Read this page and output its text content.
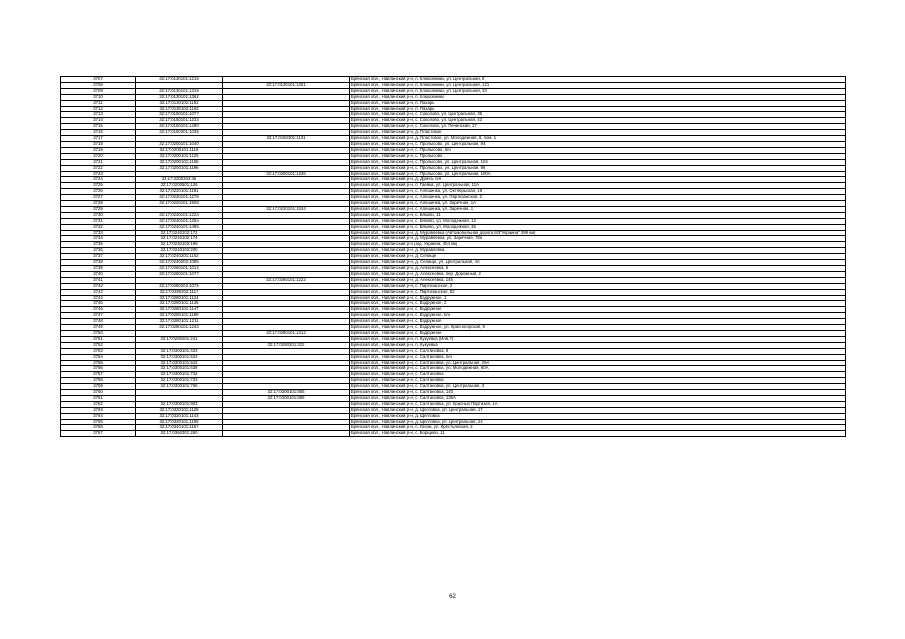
3707	32:17:0130101:1215		Брянская обл., Навлинский р-н, п. Клюковники, ул. Центральная, 8
3708		32:17:0130101:1301	Брянская обл., Навлинский р-н, п. Клюковники, ул. Центральная, 121
3709	32:17:0130101:1319		Брянская обл., Навлинский р-н, п. Клюковники, ул. Центральная, 10
3710	32:17:0130101:1362		Брянская обл., Навлинский р-н, п. Клюковники
3711	32:17:0130102:1192		Брянская обл., Навлинский р-н, п. Пахарь
3712	32:17:0130102:1193		Брянская обл., Навлинский р-н, п. Пахарь
3713	32:17:0150101:1077		Брянская обл., Навлинский р-н, с. Соколово, ул. Центральная, 35
3714	32:17:0150101:1233		Брянская обл., Навлинский р-н, с. Соколово, ул. Центральная, 43
3715	32:17:0150101:1280		Брянская обл., Навлинский р-н, с. Соколово, ул. Печинская, 17
3716	32:17:0150301:1035		Брянская обл., Навлинский р-н, д. Пластовое
3717		32:17:0150301:1131	Брянская обл., Навлинский р-н, д. Пластовое, ул. Молодежная, 8, пом. 1
3718	32:17:0200101:1040		Брянская обл., Навлинский р-н, с. Пролысово, ул. Центральная, 94
3719	32:17:0200101:1115		Брянская обл., Навлинский р-н, с. Пролысово, б/н
3720	32:17:0200101:1125		Брянская обл., Навлинский р-н, с. Пролысово
3721	32:17:0200101:1165		Брянская обл., Навлинский р-н, с. Пролысово, ул. Центральная, 104
3722	32:17:0200101:1196		Брянская обл., Навлинский р-н, с. Пролысово, ул. Центральная, 96
3723		32:17:0200101:1236	Брянская обл., Навлинский р-н, с. Пролысово, ул. Центральная, 100А
3724	32:17:0200302:46		Брянская обл., Навлинский р-н, д. Думча, б/н
3725	32:17:0200501:126		Брянская обл., Навлинский р-н, п. Гаевка, ул. Центральная, 11А
3726	32:17:0220101:1181		Брянская обл., Навлинский р-н, с. Алешинка, ул. Октябрьская, 18
3727	32:17:0220101:1278		Брянская обл., Навлинский р-н, с. Алешинка, ул. Партизанская, 2
3728	32:17:0220101:1508		Брянская обл., Навлинский р-н, с. Алешинка, ул. Заречная, 1А
3729		32:17:0220101:1534	Брянская обл., Навлинский р-н, с. Алешинка, ул. Заречная, 1
3730	32:17:0240101:1223		Брянская обл., Навлинский р-н, с. Бяково, 11
3731	32:17:0240101:1254		Брянская обл., Навлинский р-н, с. Бяково, ул. Молодежная, 13
3732	32:17:0240101:1465		Брянская обл., Навлинский р-н, с. Бяково, ул. Молодежная, 36
3733	32:17:0240102:172		Брянская обл., Навлинский р-н, д. Муравлевка (Автомобильная дорога М3"Украина" 399 км)
3734	32:17:0240102:174		Брянская обл., Навлинский р-н, д. Муравлевка, ул. Заречная, 78а
3735	32:17:0240102:199		Брянская обл., Навлинский р-н (а/д. Украина, 404 км)
3736	32:17:0240102:200		Брянская обл., Навлинский р-н, д. Муравлевка
3737	32:17:0240201:1162		Брянская обл., Навлинский р-н, д. Селище
3738	32:17:0240202:1086		Брянская обл., Навлинский р-н, д. Селище, ул. Центральная, 4А
3739	32:17:0260101:1012		Брянская обл., Навлинский р-н, д. Алексеевка, 6
3740	32:17:0260101:1077		Брянская обл., Навлинский р-н, д. Алексеевка, пер. Дорожный, 2
3741		32:17:0260101:1222	Брянская обл., Навлинский р-н, д. Алексеевка, 146
3742	32:17:0280202:1075		Брянская обл., Навлинский р-н, с. Партизанское, 2
3743	32:17:0280202:1117		Брянская обл., Навлинский р-н, с. Партизанское, 82
3744	32:17:0280101:1124		Брянская обл., Навлинский р-н, с. Вздружное, 1
3745	32:17:0280101:1146		Брянская обл., Навлинский р-н, с. Вздружное, 2
3746	32:17:0280101:1147		Брянская обл., Навлинский р-н, с. Вздружное
3747	32:17:0280101:1189		Брянская обл., Навлинский р-н, с. Вздружное, б/н
3748	32:17:0280101:1211		Брянская обл., Навлинский р-н, с. Вздружное
3749	32:17:0280101:1243		Брянская обл., Навлинский р-н, с. Вздружное, ул. Красногорская, 9
3750		32:17:0280101:1312	Брянская обл., Навлинский р-н, с. Вздружное
3751	32:17:0280201:241		Брянская обл., Навлинский р-н, п. Кукуевка (Инв.7)
3752		32:17:0280201:322	Брянская обл., Навлинский р-н, п. Кукуевка
3753	32:17:0300101:433		Брянская обл., Навлинский р-н, с. Салтановка, 8
3754	32:17:0300101:533		Брянская обл., Навлинский р-н, с. Салтановка, б/н
3755	32:17:0300101:542		Брянская обл., Навлинский р-н, с. Салтановка, ул. Центральная, 29А
3756	32:17:0300101:638		Брянская обл., Навлинский р-н, с. Салтановка, ул. Молодежная, 60А
3757	32:17:0300101:732		Брянская обл., Навлинский р-н, с. Салтановка
3758	32:17:0300101:733		Брянская обл., Навлинский р-н, с. Салтановка
3759	32:17:0300101:766		Брянская обл., Навлинский р-н, с. Салтановка, ул. Центральная, 3
3760		32:17:0300101:855	Брянская обл., Навлинский р-н, с. Салтановка, 140
3761		32:17:0300101:856	Брянская обл., Навлинский р-н, с. Салтановка, 136А
3762	32:17:0300101:903		Брянская обл., Навлинский р-н, с. Салтановка, ул. Красных Партизан, 1А
3763	32:17:0320101:1128		Брянская обл., Навлинский р-н, д. Щегловка, ул. Центральная, 17
3764	32:17:0320101:1143		Брянская обл., Навлинский р-н, д. Щегловка
3765	32:17:0320101:1199		Брянская обл., Навлинский р-н, д. Щегловка, ул. Центральная, 24
3766	32:17:0340101:1167		Брянская обл., Навлинский р-н, с. Лески, ул. Крестьянская, 2
3767	32:17:0360301:260		Брянская обл., Навлинский р-н, с. Борщево, 11
62
